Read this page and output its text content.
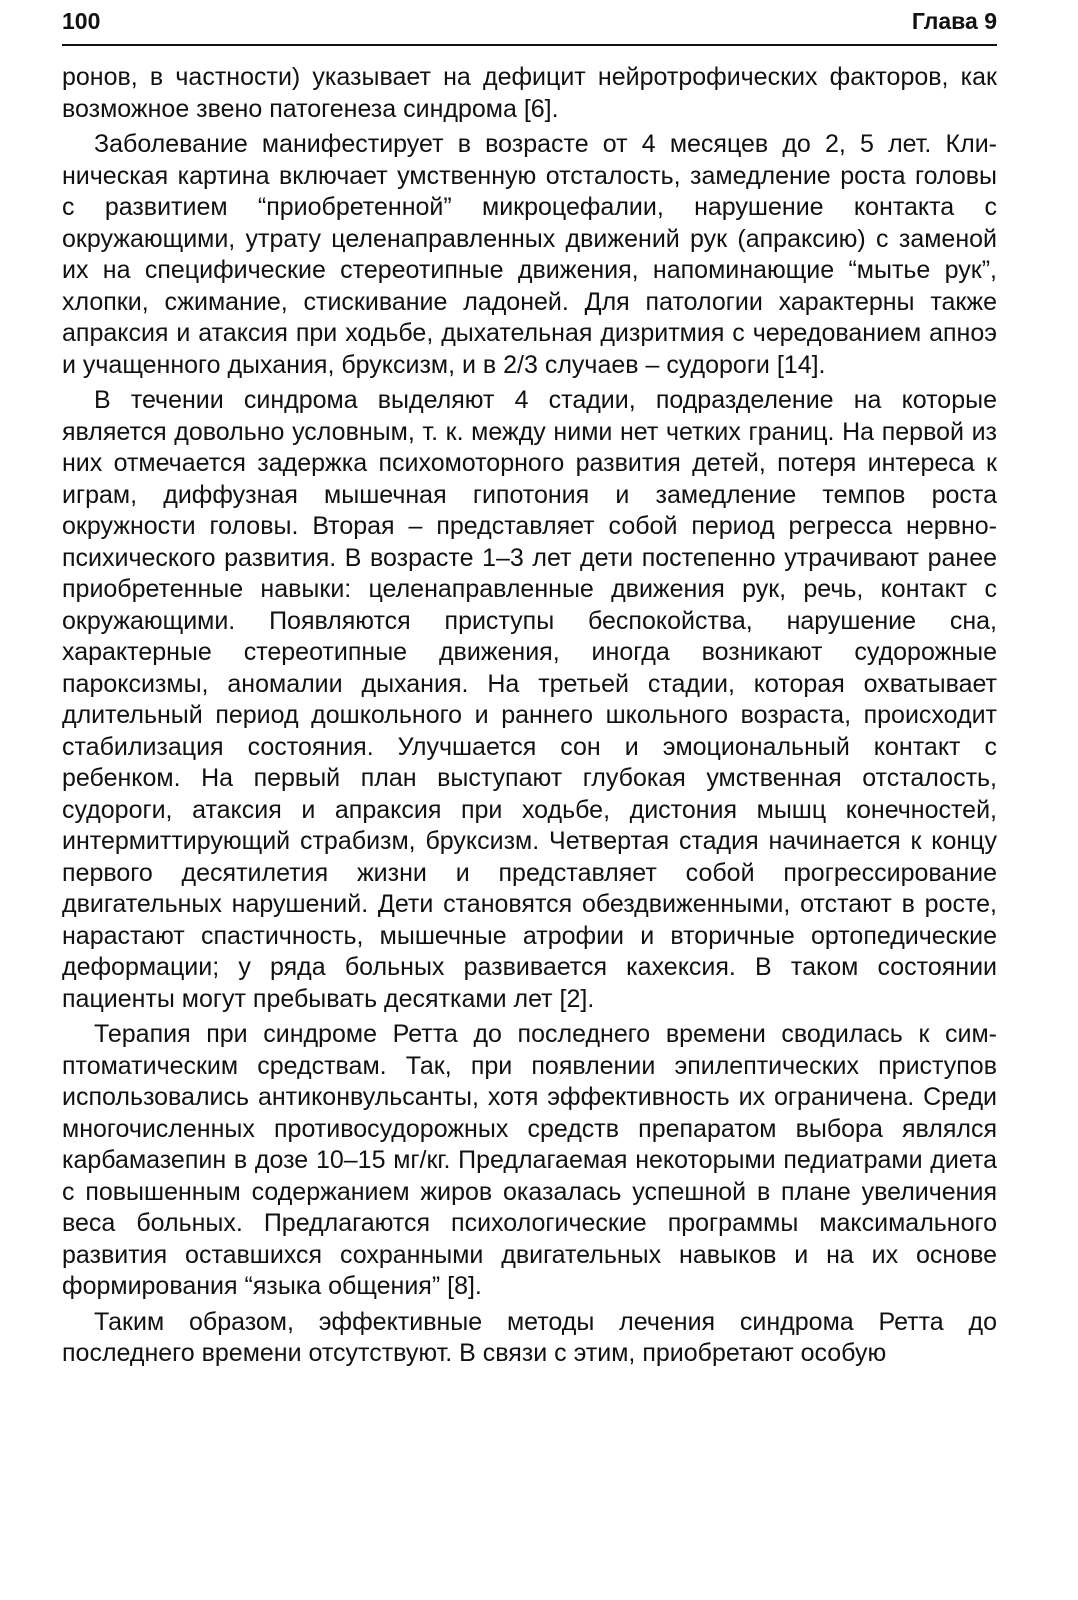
100	Глава 9

ронов, в частности) указывает на дефицит нейротрофических факторов, как возможное звено патогенеза синдрома [6].

Заболевание манифестирует в возрасте от 4 месяцев до 2, 5 лет. Клиническая картина включает умственную отсталость, замедление роста головы с развитием “приобретенной” микроцефалии, нарушение контакта с окружающими, утрату целенаправленных движений рук (апраксию) с заменой их на специфические стереотипные движения, напоминающие “мытье рук”, хлопки, сжимание, стискивание ладоней. Для патологии характерны также апраксия и атаксия при ходьбе, дыхательная дизритмия с чередованием апноэ и учащенного дыхания, бруксизм, и в 2/3 случаев – судороги [14].

В течении синдрома выделяют 4 стадии, подразделение на которые является довольно условным, т. к. между ними нет четких границ. На первой из них отмечается задержка психомоторного развития детей, потеря интереса к играм, диффузная мышечная гипотония и замедление темпов роста окружности головы. Вторая – представляет собой период регресса нервно-психического развития. В возрасте 1–3 лет дети постепенно утрачивают ранее приобретенные навыки: целенаправленные движения рук, речь, контакт с окружающими. Появляются приступы беспокойства, нарушение сна, характерные стереотипные движения, иногда возникают судорожные пароксизмы, аномалии дыхания. На третьей стадии, которая охватывает длительный период дошкольного и раннего школьного возраста, происходит стабилизация состояния. Улучшается сон и эмоциональный контакт с ребенком. На первый план выступают глубокая умственная отсталость, судороги, атаксия и апраксия при ходьбе, дистония мышц конечностей, интермиттирующий страбизм, бруксизм. Четвертая стадия начинается к концу первого десятилетия жизни и представляет собой прогрессирование двигательных нарушений. Дети становятся обездвиженными, отстают в росте, нарастают спастичность, мышечные атрофии и вторичные ортопедические деформации; у ряда больных развивается кахексия. В таком состоянии пациенты могут пребывать десятками лет [2].

Терапия при синдроме Ретта до последнего времени сводилась к симптоматическим средствам. Так, при появлении эпилептических приступов использовались антиконвульсанты, хотя эффективность их ограничена. Среди многочисленных противосудорожных средств препаратом выбора являлся карбамазепин в дозе 10–15 мг/кг. Предлагаемая некоторыми педиатрами диета с повышенным содержанием жиров оказалась успешной в плане увеличения веса больных. Предлагаются психологические программы максимального развития оставшихся сохранными двигательных навыков и на их основе формирования “языка общения” [8].

Таким образом, эффективные методы лечения синдрома Ретта до последнего времени отсутствуют. В связи с этим, приобретают особую
